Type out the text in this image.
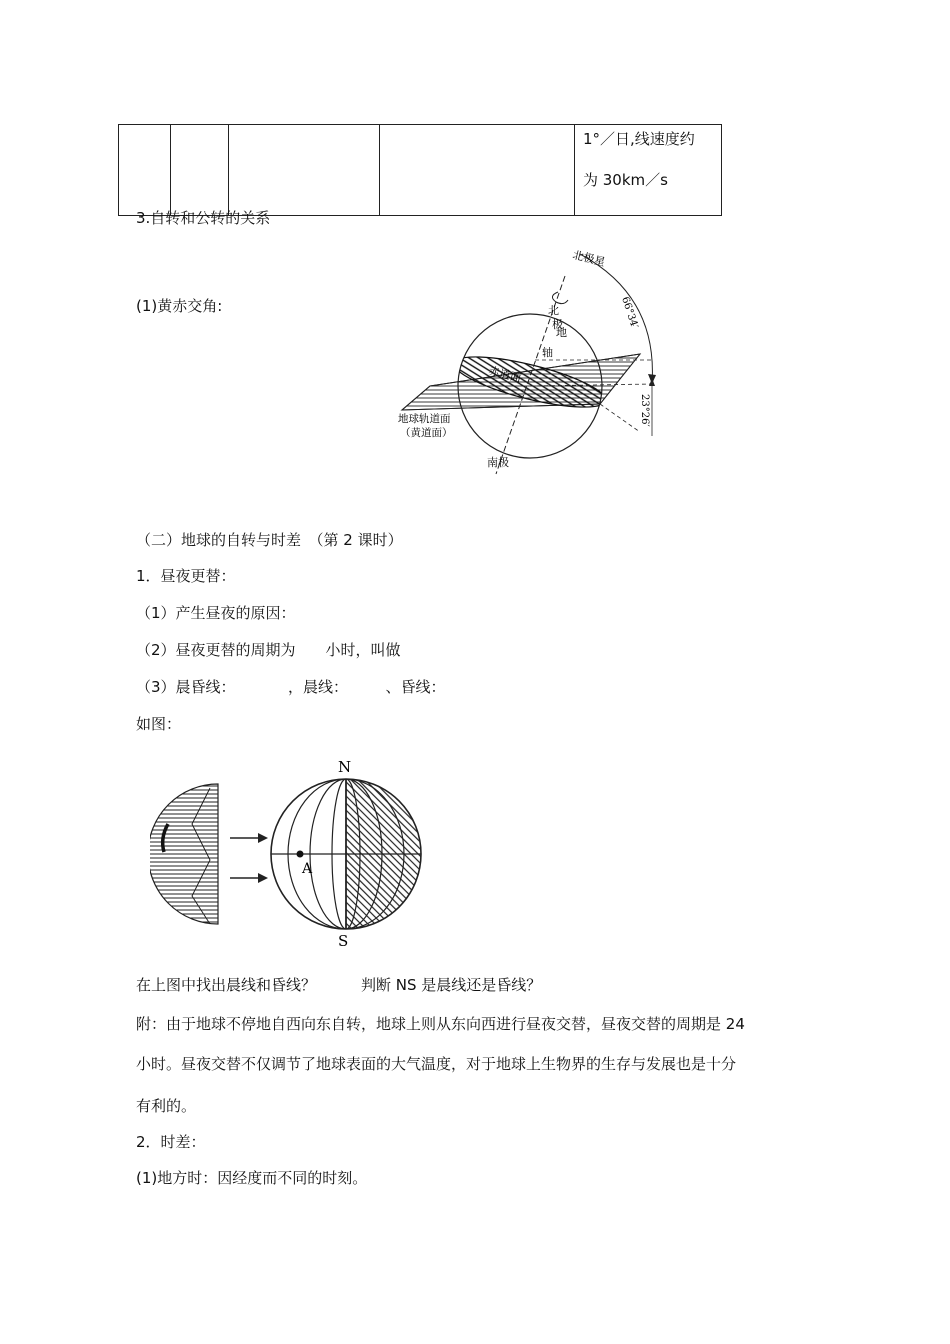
1°／日,线速度约
为 30km／s
3.自转和公转的关系
(1)黄赤交角:
北极星
北
极
地
轴
赤道面
地球轨道面
（黄道面）
南极
66°34′
23°26′
（二）地球的自转与时差　（第 2 课时）
1．昼夜更替：
（1）产生昼夜的原因：
（2）昼夜更替的周期为　　小时，叫做
（3）晨昏线：　　　　，晨线：　　　、昏线：
如图：
N
S
A
在上图中找出晨线和昏线？　　　判断 NS 是晨线还是昏线？
附：由于地球不停地自西向东自转，地球上则从东向西进行昼夜交替，昼夜交替的周期是 24
小时。昼夜交替不仅调节了地球表面的大气温度，对于地球上生物界的生存与发展也是十分
有利的。
2．时差：
(1)地方时：因经度而不同的时刻。
